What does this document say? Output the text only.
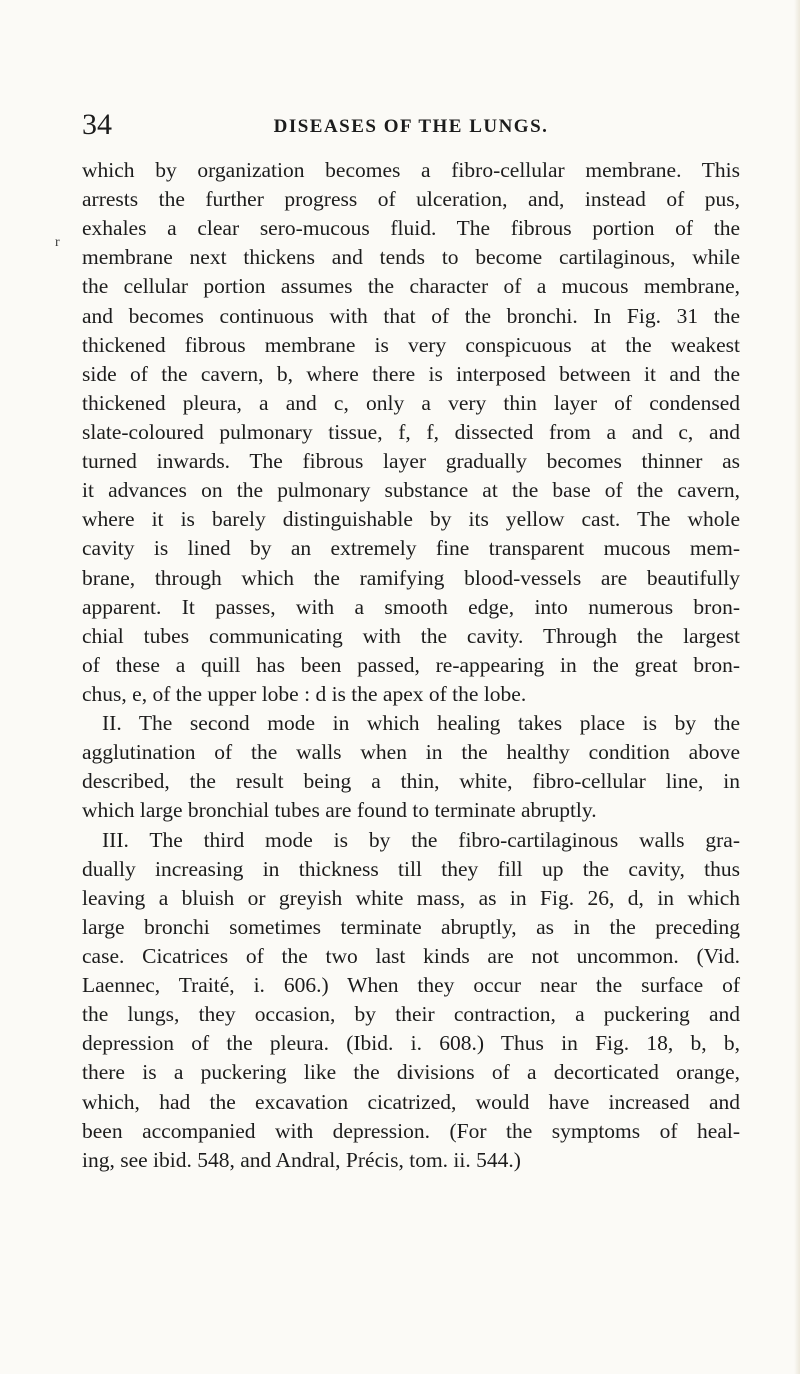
34	DISEASES OF THE LUNGS.
r
which by organization becomes a fibro-cellular membrane. This
arrests the further progress of ulceration, and, instead of pus,
exhales a clear sero-mucous fluid. The fibrous portion of the
membrane next thickens and tends to become cartilaginous, while
the cellular portion assumes the character of a mucous membrane,
and becomes continuous with that of the bronchi. In Fig. 31 the
thickened fibrous membrane is very conspicuous at the weakest
side of the cavern, b, where there is interposed between it and the
thickened pleura, a and c, only a very thin layer of condensed
slate-coloured pulmonary tissue, f, f, dissected from a and c, and
turned inwards. The fibrous layer gradually becomes thinner as
it advances on the pulmonary substance at the base of the cavern,
where it is barely distinguishable by its yellow cast. The whole
cavity is lined by an extremely fine transparent mucous mem-
brane, through which the ramifying blood-vessels are beautifully
apparent. It passes, with a smooth edge, into numerous bron-
chial tubes communicating with the cavity. Through the largest
of these a quill has been passed, re-appearing in the great bron-
chus, e, of the upper lobe : d is the apex of the lobe.
II. The second mode in which healing takes place is by the
agglutination of the walls when in the healthy condition above
described, the result being a thin, white, fibro-cellular line, in
which large bronchial tubes are found to terminate abruptly.
III. The third mode is by the fibro-cartilaginous walls gra-
dually increasing in thickness till they fill up the cavity, thus
leaving a bluish or greyish white mass, as in Fig. 26, d, in which
large bronchi sometimes terminate abruptly, as in the preceding
case. Cicatrices of the two last kinds are not uncommon. (Vid.
Laennec, Traité, i. 606.) When they occur near the surface of
the lungs, they occasion, by their contraction, a puckering and
depression of the pleura. (Ibid. i. 608.) Thus in Fig. 18, b, b,
there is a puckering like the divisions of a decorticated orange,
which, had the excavation cicatrized, would have increased and
been accompanied with depression. (For the symptoms of heal-
ing, see ibid. 548, and Andral, Précis, tom. ii. 544.)
